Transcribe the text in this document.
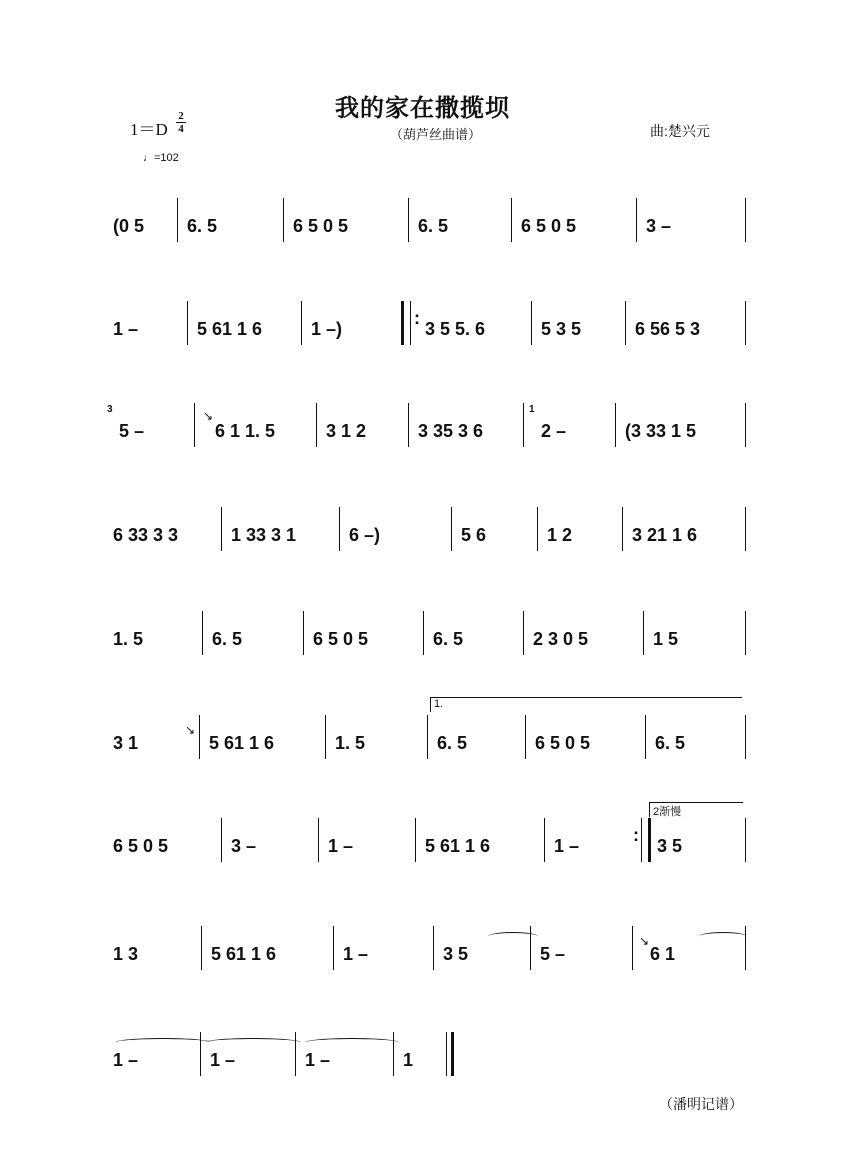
我的家在撒揽坝
（葫芦丝曲谱）
1＝D
2
4
♩=102
曲:楚兴元
(0 5	6. 5	6 5 0 5	6. 5	6 5 0 5	3 –
1 –	5 61 1 6	1 –) :	3 5 5. 6	5 3 5	6 56 5 3
3
5 –
↘
6 1 1. 5	3 1 2	3 35 3 6
1
2 –	(3 33 1 5
6 33 3 3	1 33 3 1	6 –)	5 6	1 2	3 21 1 6
1. 5	6. 5	6 5 0 5	6. 5	2 3 0 5	1 5
1.
3 1
↘
5 61 1 6	1. 5	6. 5	6 5 0 5	6. 5
2渐慢
6 5 0 5	3 –	1 –	5 61 1 6	1 – :	3 5
1 3	5 61 1 6	1 –	3 5	5 –
↘
6 1
1 –	1 –	1 –	1
（潘明记谱）
